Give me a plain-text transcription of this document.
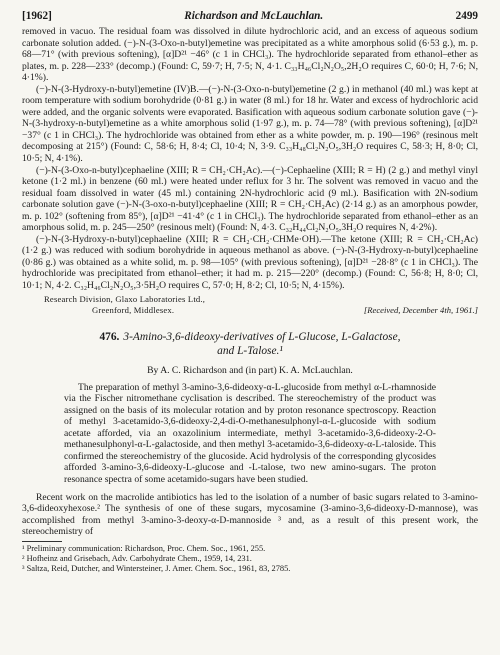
[1962]	Richardson and McLauchlan.	2499

removed in vacuo. The residual foam was dissolved in dilute hydrochloric acid, and an excess of aqueous sodium carbonate solution added. (−)-N-(3-Oxo-n-butyl)emetine was precipitated as a white amorphous solid (6·53 g.), m. p. 68—71° (with previous softening), [α]D²¹ −46° (c 1 in CHCl₃). The hydrochloride separated from ethanol–ether as plates, m. p. 228—233° (decomp.) (Found: C, 59·7; H, 7·5; N, 4·1. C₃₃H₄₆Cl₂N₂O₅,2H₂O requires C, 60·0; H, 7·6; N, 4·1%).

(−)-N-(3-Hydroxy-n-butyl)emetine (IV)B.—(−)-N-(3-Oxo-n-butyl)emetine (2 g.) in methanol (40 ml.) was kept at room temperature with sodium borohydride (0·81 g.) in water (8 ml.) for 18 hr. Water and excess of hydrochloric acid were added, and the organic solvents were evaporated. Basification with aqueous sodium carbonate solution gave (−)-N-(3-hydroxy-n-butyl)emetine as a white amorphous solid (1·97 g.), m. p. 74—78° (with previous softening), [α]D²¹ −37° (c 1 in CHCl₃). The hydrochloride was obtained from ether as a white powder, m. p. 190—196° (resinous melt decomposing at 215°) (Found: C, 58·6; H, 8·4; Cl, 10·4; N, 3·9. C₃₃H₄₈Cl₂N₂O₅,3H₂O requires C, 58·3; H, 8·0; Cl, 10·5; N, 4·1%).

(−)-N-(3-Oxo-n-butyl)cephaeline (XIII; R = CH₂·CH₂Ac).—(−)-Cephaeline (XIII; R = H) (2 g.) and methyl vinyl ketone (1·2 ml.) in benzene (60 ml.) were heated under reflux for 3 hr. The solvent was removed in vacuo and the residual foam dissolved in water (45 ml.) containing 2N-hydrochloric acid (9 ml.). Basification with 2N-sodium carbonate solution gave (−)-N-(3-oxo-n-butyl)cephaeline (XIII; R = CH₂·CH₂Ac) (2·14 g.) as an amorphous powder, m. p. 102° (softening from 85°), [α]D²¹ −41·4° (c 1 in CHCl₃). The hydrochloride separated from ethanol–ether as an amorphous solid, m. p. 245—250° (resinous melt) (Found: N, 4·3. C₃₂H₄₄Cl₂N₂O₅,3H₂O requires N, 4·2%).

(−)-N-(3-Hydroxy-n-butyl)cephaeline (XIII; R = CH₂·CH₂·CHMe·OH).—The ketone (XIII; R = CH₂·CH₂Ac) (1·2 g.) was reduced with sodium borohydride in aqueous methanol as above. (−)-N-(3-Hydroxy-n-butyl)cephaeline (0·86 g.) was obtained as a white solid, m. p. 98—105° (with previous softening), [α]D²¹ −28·8° (c 1 in CHCl₃). The hydrochloride was precipitated from ethanol–ether; it had m. p. 215—220° (decomp.) (Found: C, 56·8; H, 8·0; Cl, 10·1; N, 4·2. C₃₂H₄₆Cl₂N₂O₅,3·5H₂O requires C, 57·0; H, 8·2; Cl, 10·5; N, 4·15%).

Research Division, Glaxo Laboratories Ltd.,
Greenford, Middlesex.	[Received, December 4th, 1961.]
476. 3-Amino-3,6-dideoxy-derivatives of L-Glucose, L-Galactose,
and L-Talose.¹
By A. C. Richardson and (in part) K. A. McLauchlan.

The preparation of methyl 3-amino-3,6-dideoxy-α-L-glucoside from methyl α-L-rhamnoside via the Fischer nitromethane cyclisation is described. The stereochemistry of the product was assigned on the basis of its molecular rotation and by proton resonance spectroscopy. Reaction of methyl 3-acetamido-3,6-dideoxy-2,4-di-O-methanesulphonyl-α-L-glucoside with sodium acetate afforded, via an oxazolinium intermediate, methyl 3-acetamido-3,6-dideoxy-2-O-methanesulphonyl-α-L-galactoside, and then methyl 3-acetamido-3,6-dideoxy-α-L-taloside. This confirmed the stereochemistry of the glucoside. Acid hydrolysis of the corresponding glycosides afforded 3-amino-3,6-dideoxy-L-glucose and -L-talose, two new amino-sugars. The proton resonance spectra of some acetamido-sugars have been studied.

Recent work on the macrolide antibiotics has led to the isolation of a number of basic sugars related to 3-amino-3,6-dideoxyhexose.² The synthesis of one of these sugars, mycosamine (3-amino-3,6-dideoxy-D-mannose), was accomplished from methyl 3-amino-3-deoxy-α-D-mannoside ³ and, as a result of this present work, the stereochemistry of

¹ Preliminary communication: Richardson, Proc. Chem. Soc., 1961, 255.

² Hofheinz and Grisebach, Adv. Carbohydrate Chem., 1959, 14, 231.

³ Saltza, Reid, Dutcher, and Wintersteiner, J. Amer. Chem. Soc., 1961, 83, 2785.
